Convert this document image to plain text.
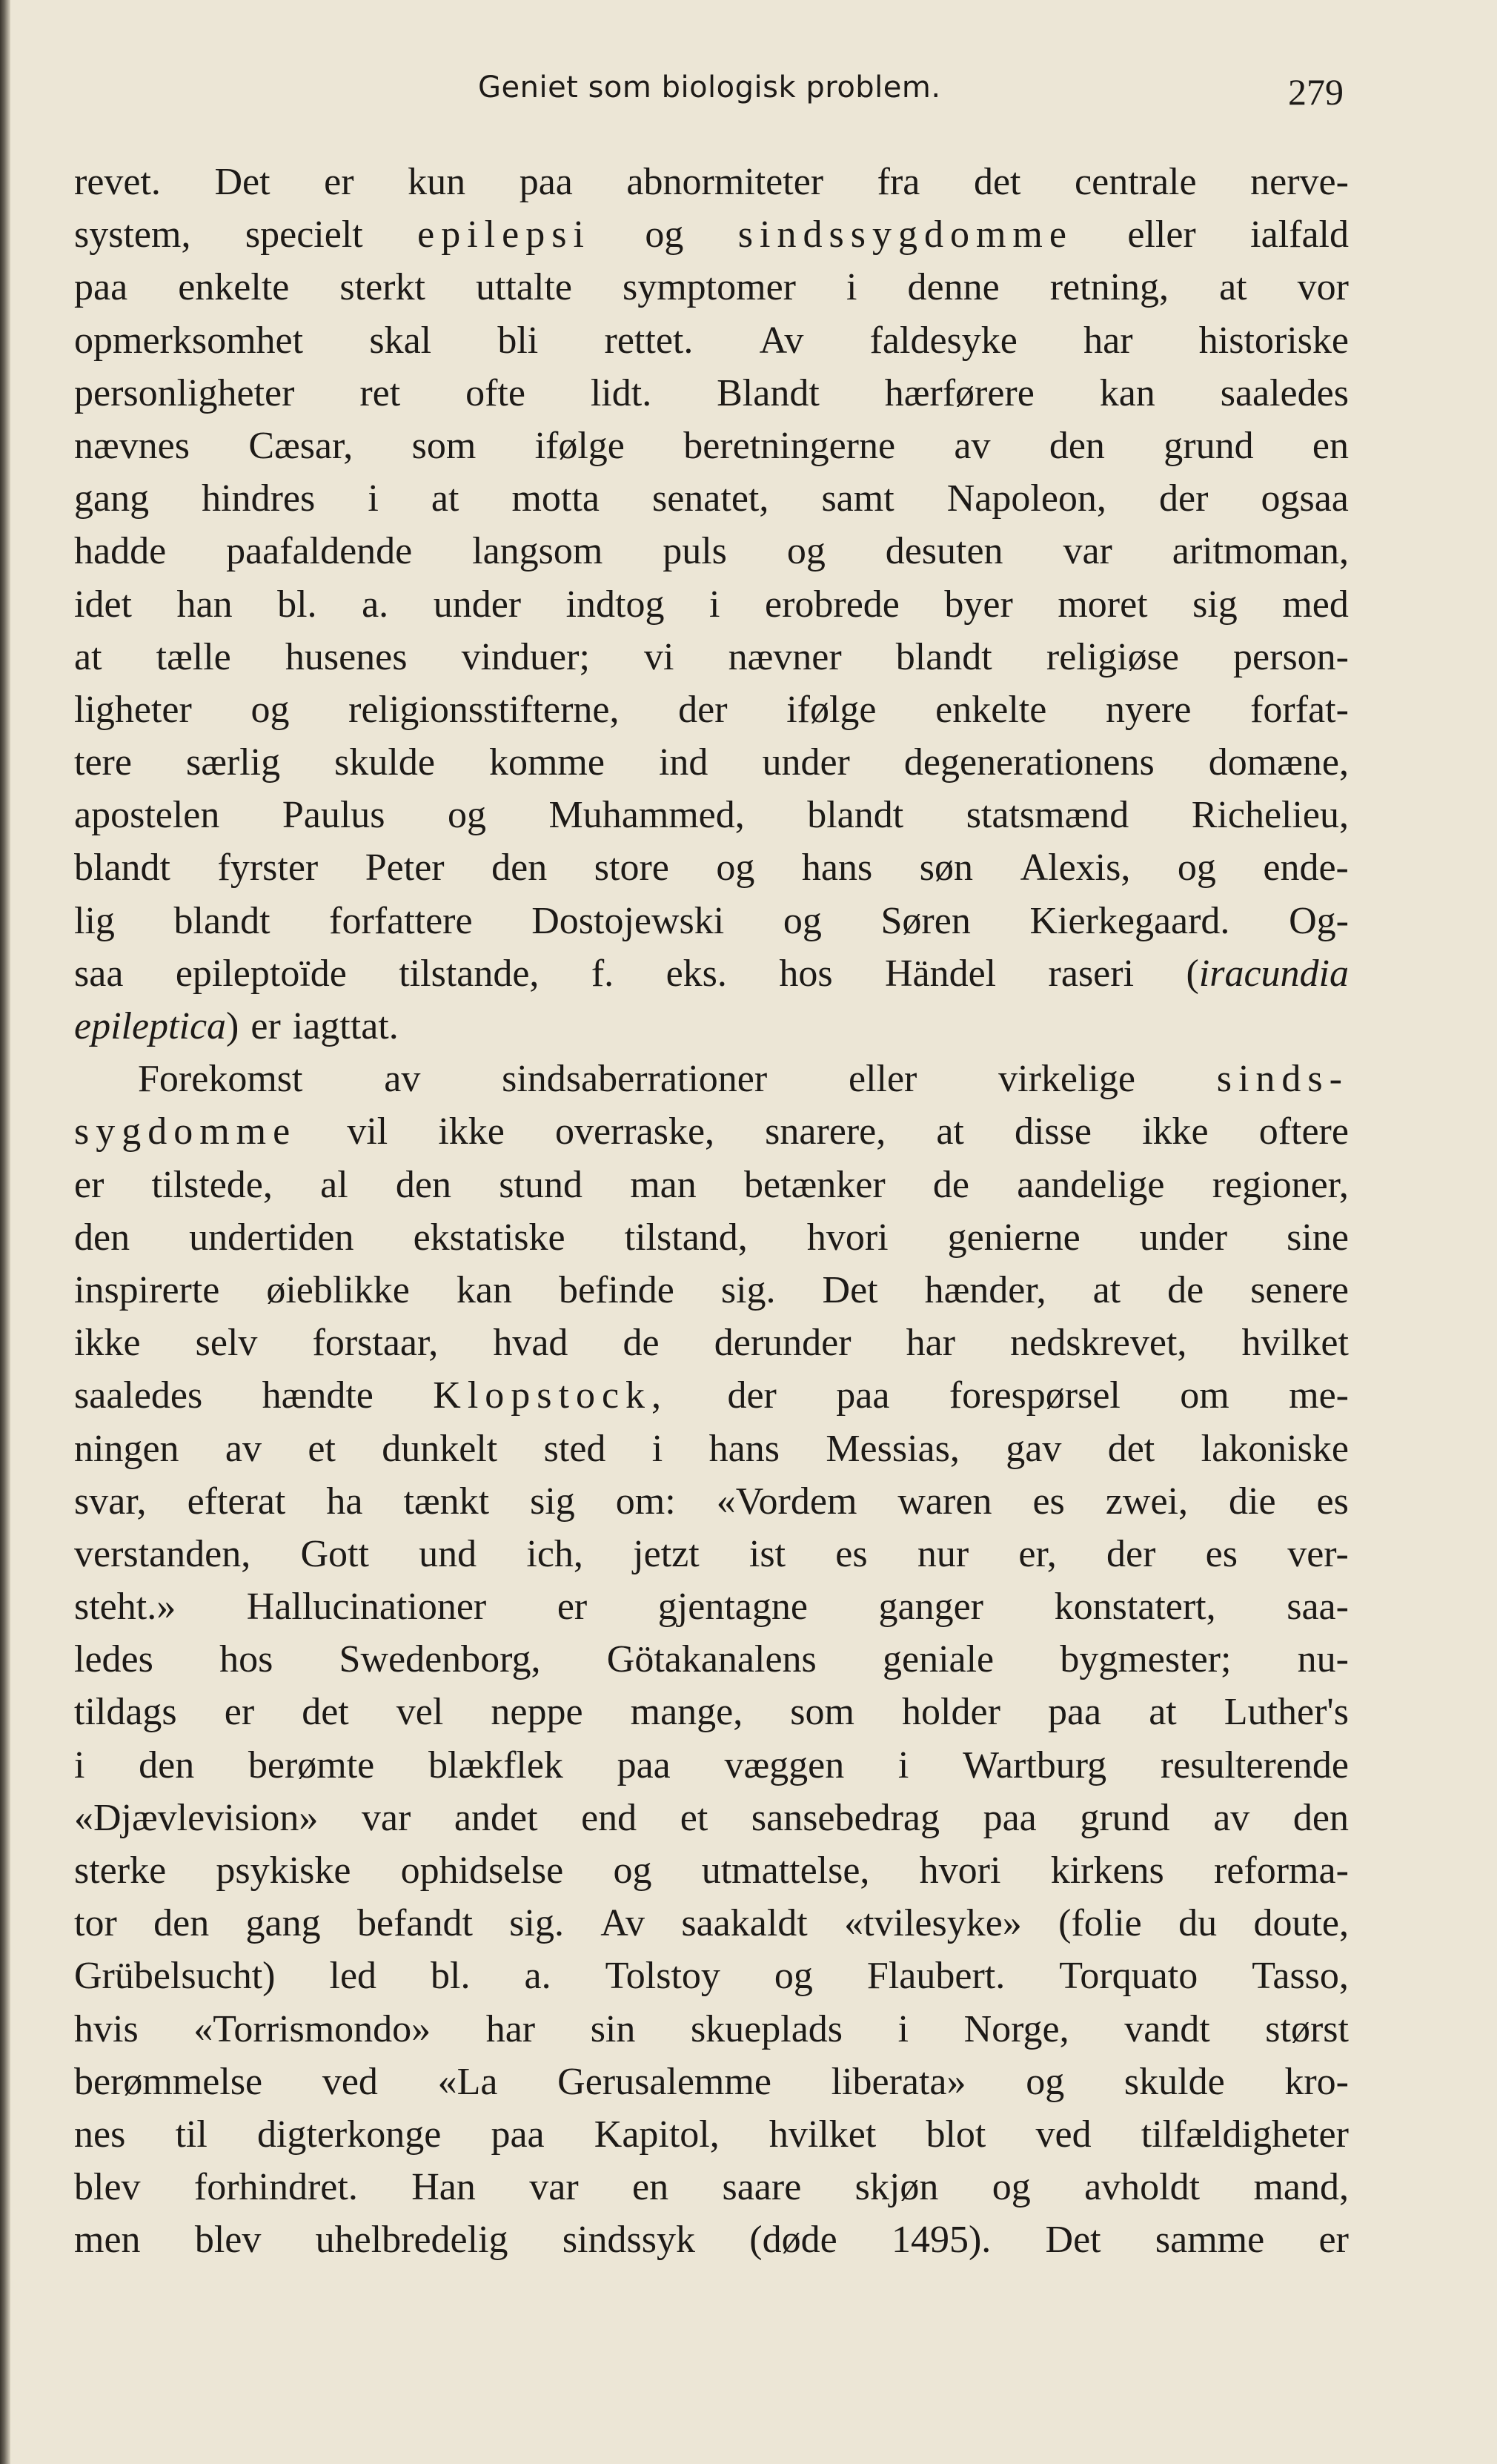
Geniet som biologisk problem.	279
revet. Det er kun paa abnormiteter fra det centrale nerve-
system, specielt epilepsi og sindssygdomme eller ialfald
paa enkelte sterkt uttalte symptomer i denne retning, at vor
opmerksomhet skal bli rettet. Av faldesyke har historiske
personligheter ret ofte lidt. Blandt hærførere kan saaledes
nævnes Cæsar, som ifølge beretningerne av den grund en
gang hindres i at motta senatet, samt Napoleon, der ogsaa
hadde paafaldende langsom puls og desuten var aritmoman,
idet han bl. a. under indtog i erobrede byer moret sig med
at tælle husenes vinduer; vi nævner blandt religiøse person-
ligheter og religionsstifterne, der ifølge enkelte nyere forfat-
tere særlig skulde komme ind under degenerationens domæne,
apostelen Paulus og Muhammed, blandt statsmænd Richelieu,
blandt fyrster Peter den store og hans søn Alexis, og ende-
lig blandt forfattere Dostojewski og Søren Kierkegaard. Og-
saa epileptoïde tilstande, f. eks. hos Händel raseri (iracundia
epileptica) er iagttat.
Forekomst av sindsaberrationer eller virkelige sinds-
sygdomme vil ikke overraske, snarere, at disse ikke oftere
er tilstede, al den stund man betænker de aandelige regioner,
den undertiden ekstatiske tilstand, hvori genierne under sine
inspirerte øieblikke kan befinde sig. Det hænder, at de senere
ikke selv forstaar, hvad de derunder har nedskrevet, hvilket
saaledes hændte Klopstock, der paa forespørsel om me-
ningen av et dunkelt sted i hans Messias, gav det lakoniske
svar, efterat ha tænkt sig om: «Vordem waren es zwei, die es
verstanden, Gott und ich, jetzt ist es nur er, der es ver-
steht.» Hallucinationer er gjentagne ganger konstatert, saa-
ledes hos Swedenborg, Götakanalens geniale bygmester; nu-
tildags er det vel neppe mange, som holder paa at Luther's
i den berømte blækflek paa væggen i Wartburg resulterende
«Djævlevision» var andet end et sansebedrag paa grund av den
sterke psykiske ophidselse og utmattelse, hvori kirkens reforma-
tor den gang befandt sig. Av saakaldt «tvilesyke» (folie du doute,
Grübelsucht) led bl. a. Tolstoy og Flaubert. Torquato Tasso,
hvis «Torrismondo» har sin skueplads i Norge, vandt størst
berømmelse ved «La Gerusalemme liberata» og skulde kro-
nes til digterkonge paa Kapitol, hvilket blot ved tilfældigheter
blev forhindret. Han var en saare skjøn og avholdt mand,
men blev uhelbredelig sindssyk (døde 1495). Det samme er
